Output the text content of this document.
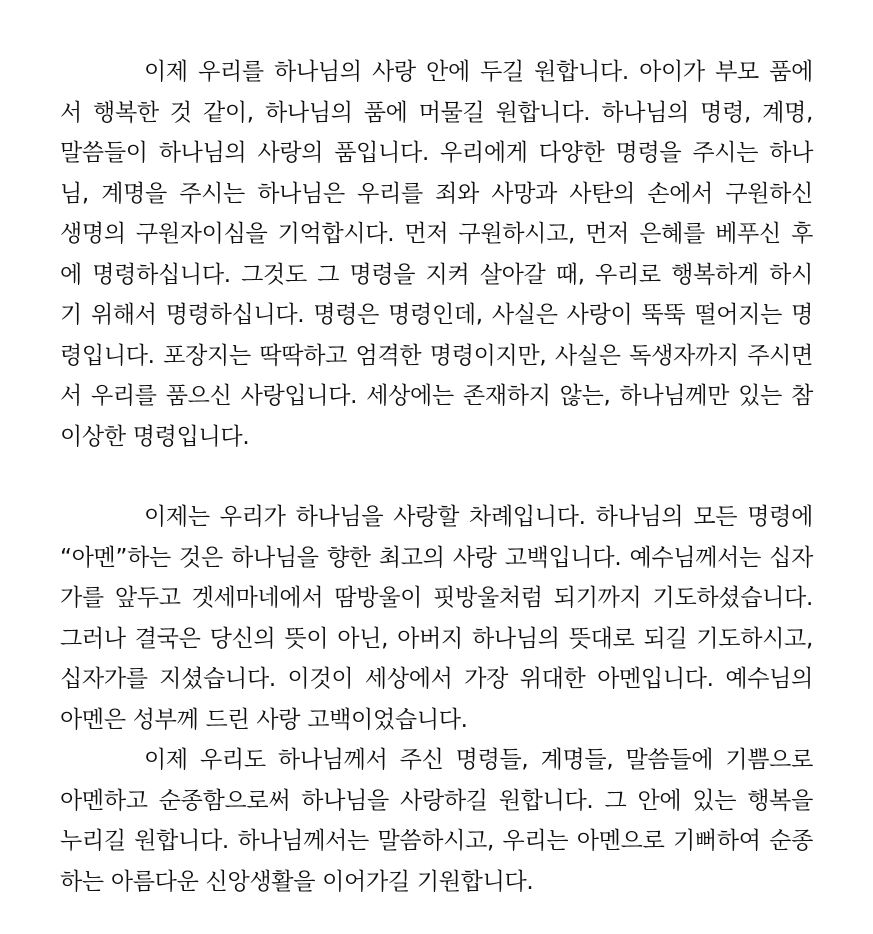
이제 우리를 하나님의 사랑 안에 두길 원합니다. 아이가 부모 품에
서 행복한 것 같이, 하나님의 품에 머물길 원합니다. 하나님의 명령, 계명,
말씀들이 하나님의 사랑의 품입니다. 우리에게 다양한 명령을 주시는 하나
님, 계명을 주시는 하나님은 우리를 죄와 사망과 사탄의 손에서 구원하신
생명의 구원자이심을 기억합시다. 먼저 구원하시고, 먼저 은혜를 베푸신 후
에 명령하십니다. 그것도 그 명령을 지켜 살아갈 때, 우리로 행복하게 하시
기 위해서 명령하십니다. 명령은 명령인데, 사실은 사랑이 뚝뚝 떨어지는 명
령입니다. 포장지는 딱딱하고 엄격한 명령이지만, 사실은 독생자까지 주시면
서 우리를 품으신 사랑입니다. 세상에는 존재하지 않는, 하나님께만 있는 참
이상한 명령입니다.
이제는 우리가 하나님을 사랑할 차례입니다. 하나님의 모든 명령에
“아멘”하는 것은 하나님을 향한 최고의 사랑 고백입니다. 예수님께서는 십자
가를 앞두고 겟세마네에서 땀방울이 핏방울처럼 되기까지 기도하셨습니다.
그러나 결국은 당신의 뜻이 아닌, 아버지 하나님의 뜻대로 되길 기도하시고,
십자가를 지셨습니다. 이것이 세상에서 가장 위대한 아멘입니다. 예수님의
아멘은 성부께 드린 사랑 고백이었습니다.
이제 우리도 하나님께서 주신 명령들, 계명들, 말씀들에 기쁨으로
아멘하고 순종함으로써 하나님을 사랑하길 원합니다. 그 안에 있는 행복을
누리길 원합니다. 하나님께서는 말씀하시고, 우리는 아멘으로 기뻐하여 순종
하는 아름다운 신앙생활을 이어가길 기원합니다.
